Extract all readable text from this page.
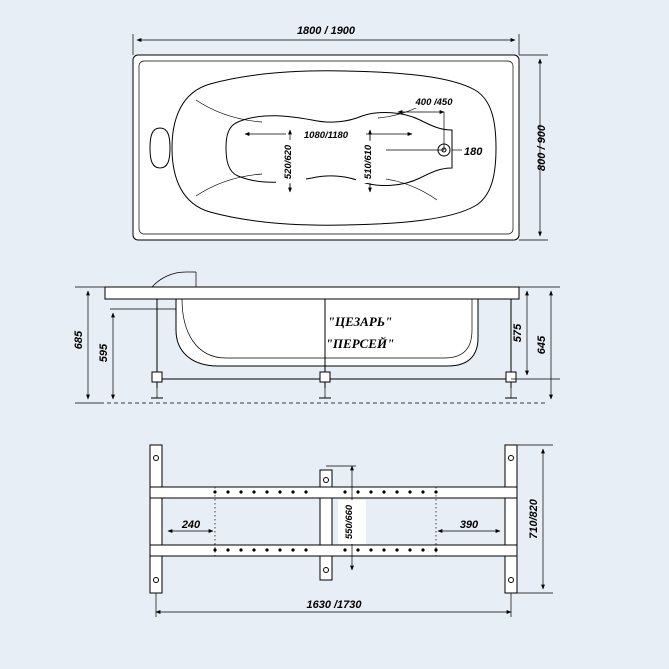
1800 / 1900
800 / 900
400 /450
1080/1180
520/620	510/610	180
685
595
575
645
"ЦЕЗАРЬ"
"ПЕРСЕЙ"
240	390
550/660
1630 /1730
710/820
